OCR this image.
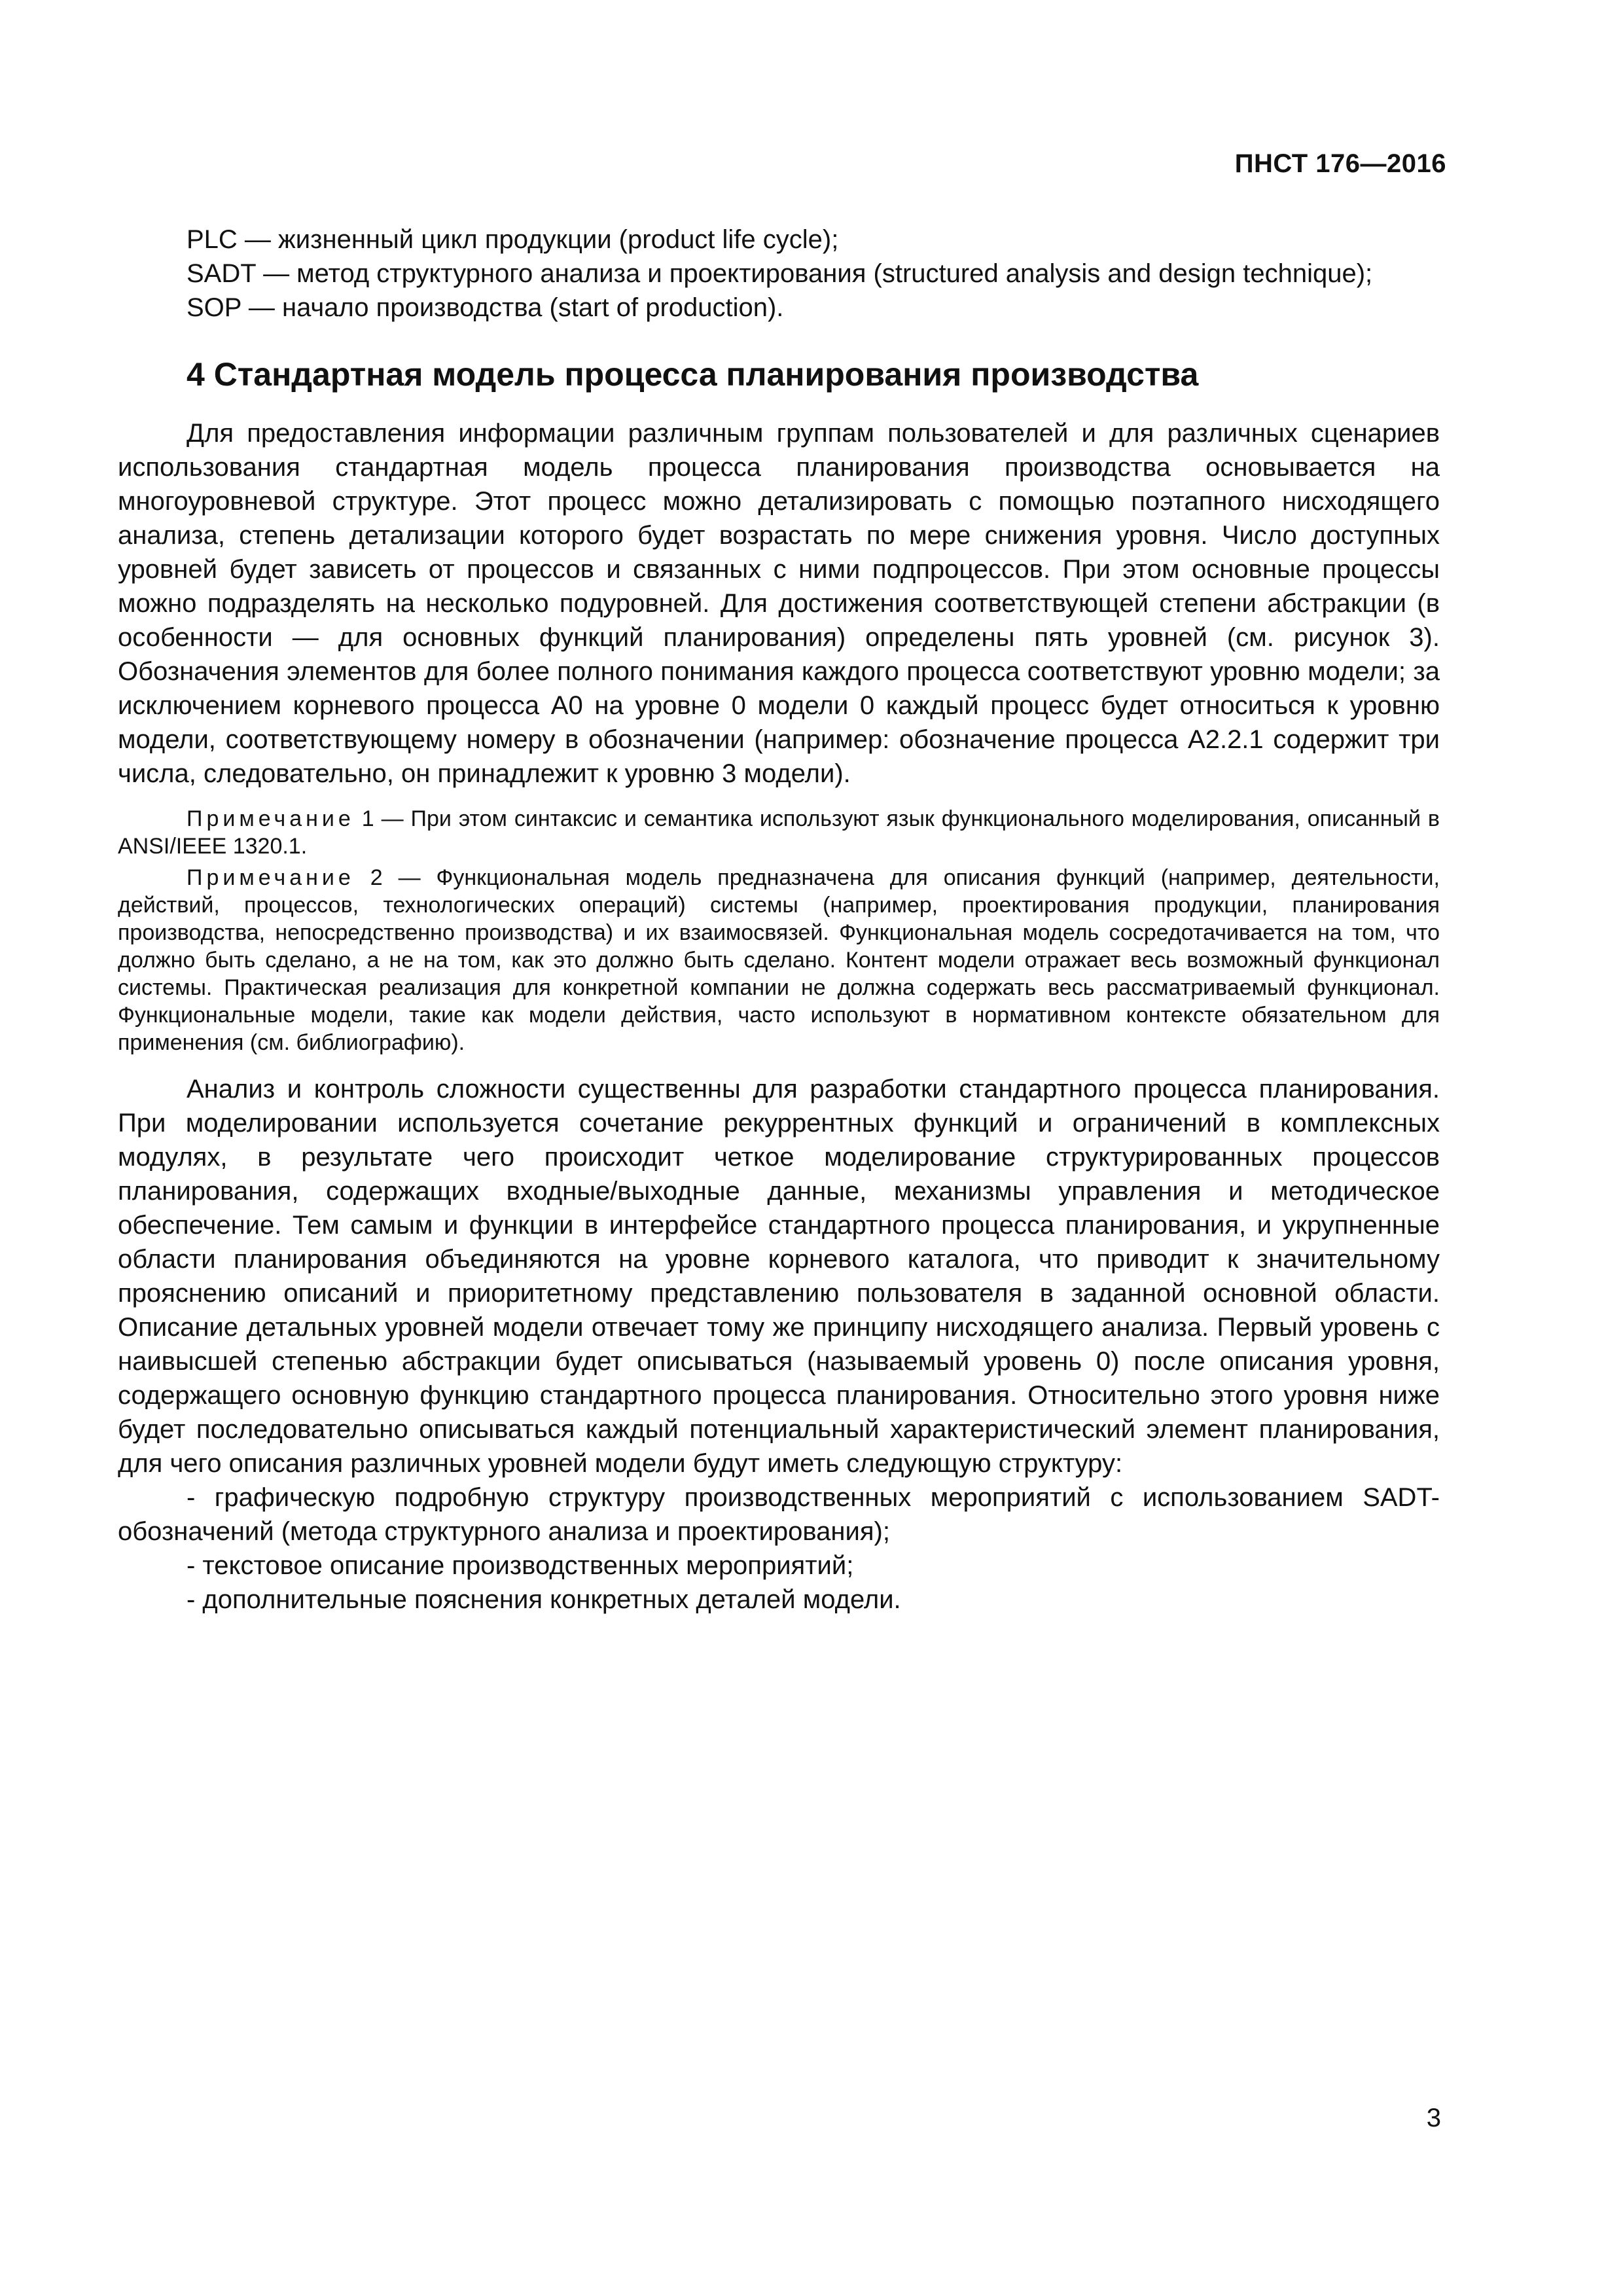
ПНСТ 176—2016
PLC — жизненный цикл продукции (product life cycle);
SADT — метод структурного анализа и проектирования (structured analysis and design technique);
SOP — начало производства (start of production).
4 Стандартная модель процесса планирования производства

Для предоставления информации различным группам пользователей и для различных сценариев использования стандартная модель процесса планирования производства основывается на многоуровневой структуре. Этот процесс можно детализировать с помощью поэтапного нисходящего анализа, степень детализации которого будет возрастать по мере снижения уровня. Число доступных уровней будет зависеть от процессов и связанных с ними подпроцессов. При этом основные процессы можно подразделять на несколько подуровней. Для достижения соответствующей степени абстракции (в особенности — для основных функций планирования) определены пять уровней (см. рисунок 3). Обозначения элементов для более полного понимания каждого процесса соответствуют уровню модели; за исключением корневого процесса А0 на уровне 0 модели 0 каждый процесс будет относиться к уровню модели, соответствующему номеру в обозначении (например: обозначение процесса А2.2.1 содержит три числа, следовательно, он принадлежит к уровню 3 модели).

Примечание 1 — При этом синтаксис и семантика используют язык функционального моделирования, описанный в ANSI/IEEE 1320.1.

Примечание 2 — Функциональная модель предназначена для описания функций (например, деятельности, действий, процессов, технологических операций) системы (например, проектирования продукции, планирования производства, непосредственно производства) и их взаимосвязей. Функциональная модель сосредотачивается на том, что должно быть сделано, а не на том, как это должно быть сделано. Контент модели отражает весь возможный функционал системы. Практическая реализация для конкретной компании не должна содержать весь рассматриваемый функционал. Функциональные модели, такие как модели действия, часто используют в нормативном контексте обязательном для применения (см. библиографию).

Анализ и контроль сложности существенны для разработки стандартного процесса планирования. При моделировании используется сочетание рекуррентных функций и ограничений в комплексных модулях, в результате чего происходит четкое моделирование структурированных процессов планирования, содержащих входные/выходные данные, механизмы управления и методическое обеспечение. Тем самым и функции в интерфейсе стандартного процесса планирования, и укрупненные области планирования объединяются на уровне корневого каталога, что приводит к значительному прояснению описаний и приоритетному представлению пользователя в заданной основной области. Описание детальных уровней модели отвечает тому же принципу нисходящего анализа. Первый уровень с наивысшей степенью абстракции будет описываться (называемый уровень 0) после описания уровня, содержащего основную функцию стандартного процесса планирования. Относительно этого уровня ниже будет последовательно описываться каждый потенциальный характеристический элемент планирования, для чего описания различных уровней модели будут иметь следующую структуру:

- графическую подробную структуру производственных мероприятий с использованием SADT-обозначений (метода структурного анализа и проектирования);
- текстовое описание производственных мероприятий;
- дополнительные пояснения конкретных деталей модели.
3
